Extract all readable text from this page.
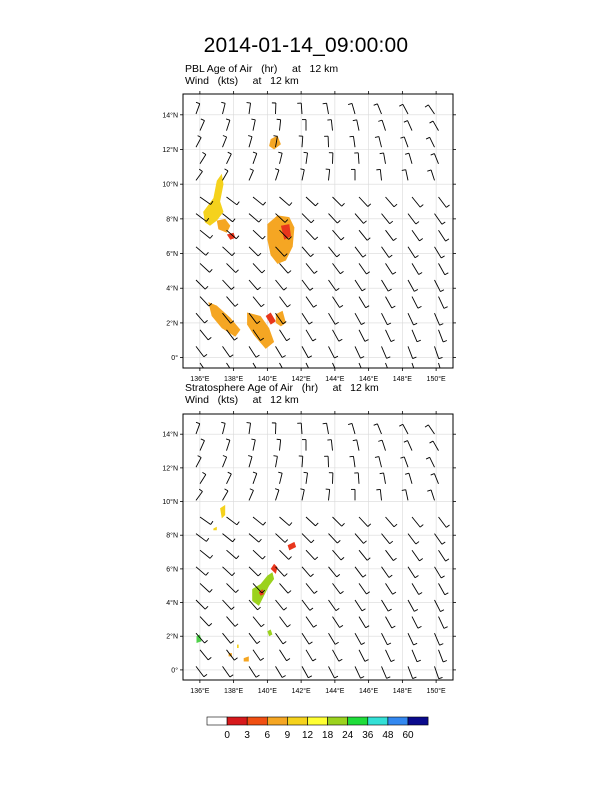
2014-01-14_09:00:00
PBL Age of Air   (hr)     at   12 km
Wind   (kts)     at   12 km
Stratosphere Age of Air   (hr)     at   12 km
Wind   (kts)     at   12 km
136°E 138°E 140°E 142°E 144°E 146°E 148°E 150°E
0°
2°N
4°N
6°N
8°N
10°N
12°N
14°N
136°E 138°E 140°E 142°E 144°E 146°E 148°E 150°E
0°
2°N
4°N
6°N
8°N
10°N
12°N
14°N
0 3 6 9 12 18 24 36 48 60
